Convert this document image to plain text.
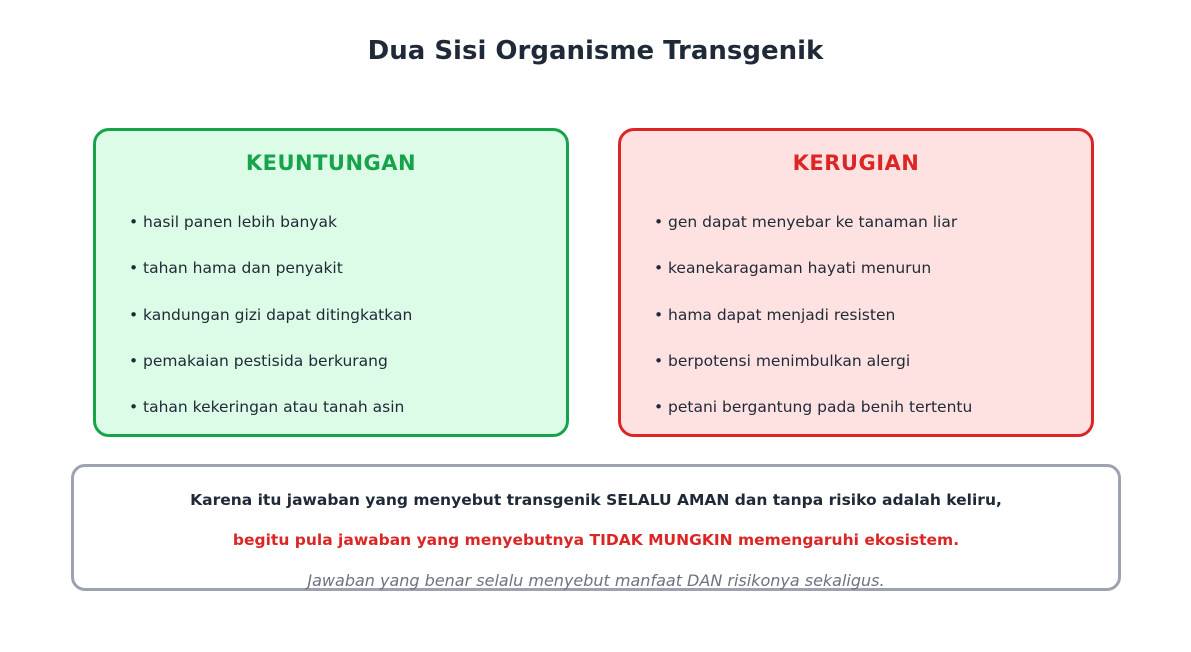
Dua Sisi Organisme Transgenik
KEUNTUNGAN
• hasil panen lebih banyak
• tahan hama dan penyakit
• kandungan gizi dapat ditingkatkan
• pemakaian pestisida berkurang
• tahan kekeringan atau tanah asin
KERUGIAN
• gen dapat menyebar ke tanaman liar
• keanekaragaman hayati menurun
• hama dapat menjadi resisten
• berpotensi menimbulkan alergi
• petani bergantung pada benih tertentu
Karena itu jawaban yang menyebut transgenik SELALU AMAN dan tanpa risiko adalah keliru,
begitu pula jawaban yang menyebutnya TIDAK MUNGKIN memengaruhi ekosistem.
Jawaban yang benar selalu menyebut manfaat DAN risikonya sekaligus.
